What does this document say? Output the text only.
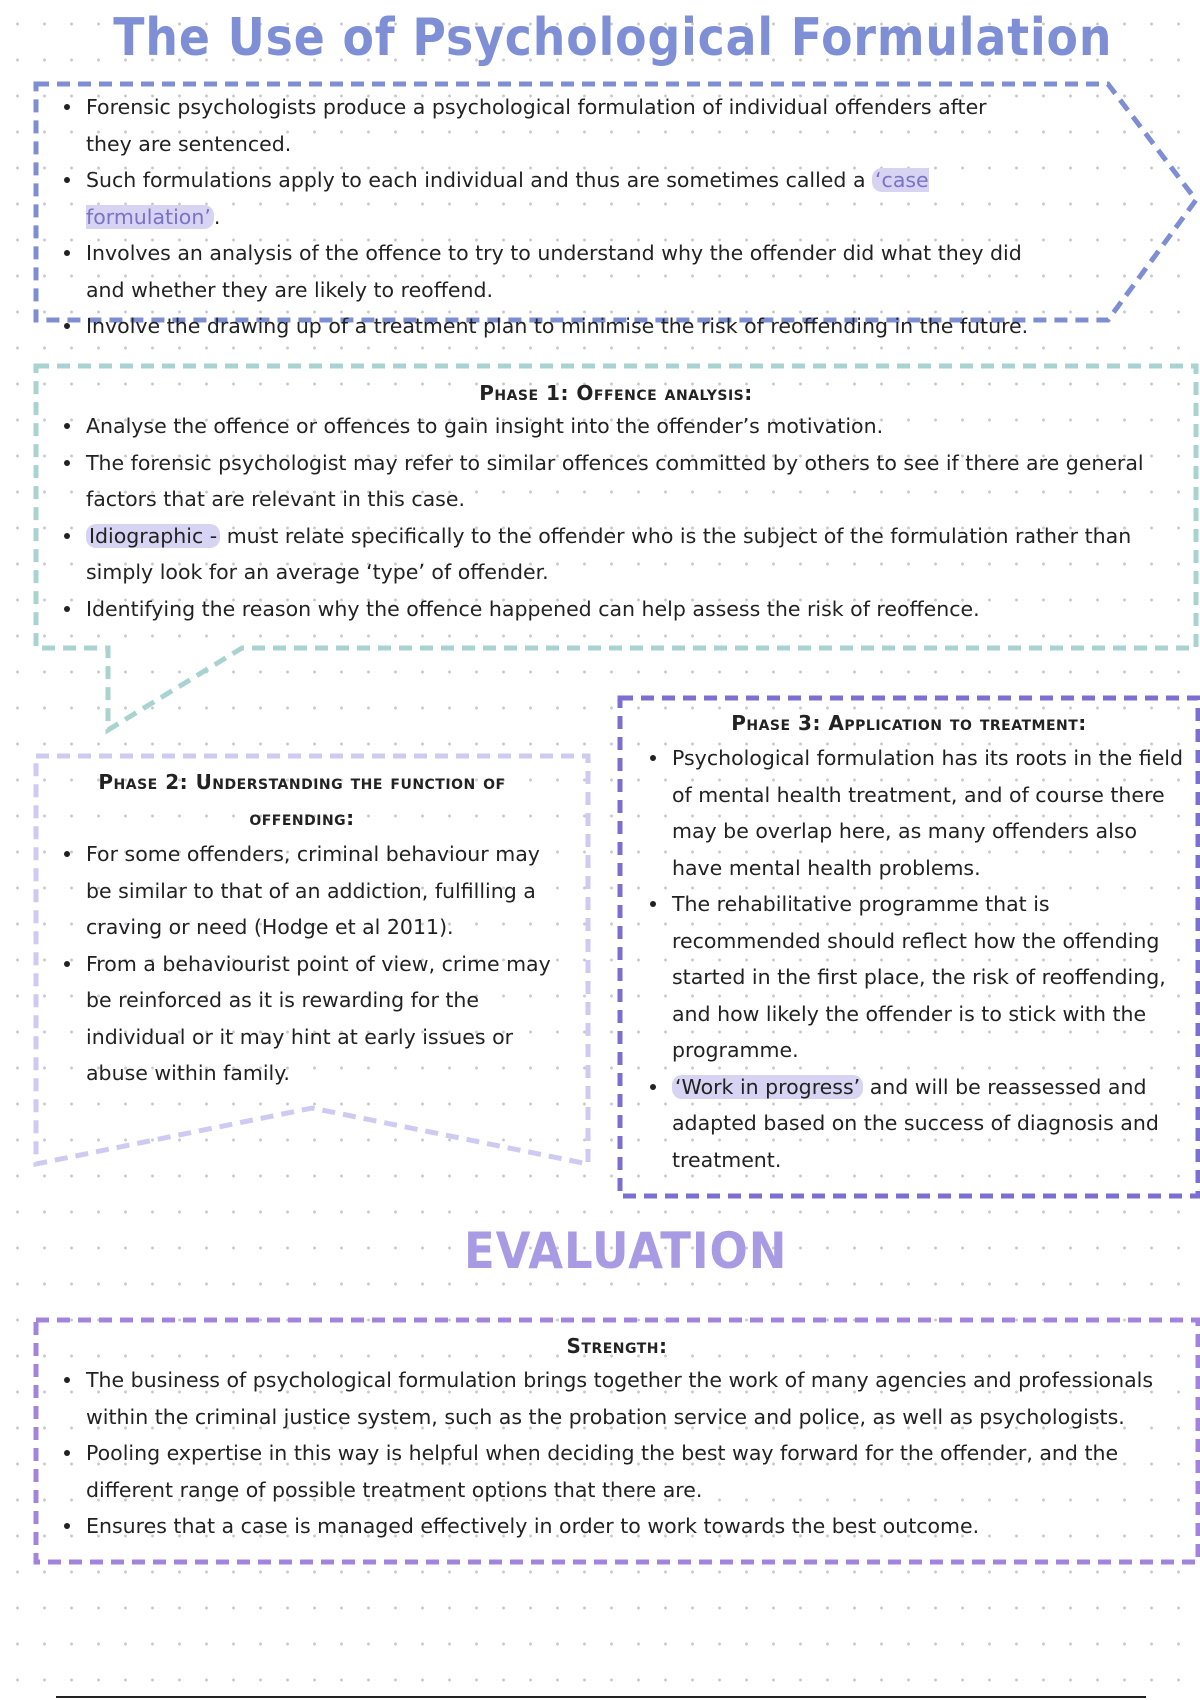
The Use of Psychological Formulation
Forensic psychologists produce a psychological formulation of individual offenders after they are sentenced.
Such formulations apply to each individual and thus are sometimes called a ‘case formulation’ .
Involves an analysis of the offence to try to understand why the offender did what they did and whether they are likely to reoffend.
Involve the drawing up of a treatment plan to minimise the risk of reoffending in the future.
Phase 1: Offence analysis:
Analyse the offence or offences to gain insight into the offender’s motivation.
The forensic psychologist may refer to similar offences committed by others to see if there are general factors that are relevant in this case.
Idiographic - must relate specifically to the offender who is the subject of the formulation rather than simply look for an average ‘type’ of offender.
Identifying the reason why the offence happened can help assess the risk of reoffence.
Phase 2: Understanding the function of offending:
For some offenders, criminal behaviour may be similar to that of an addiction, fulfilling a craving or need (Hodge et al 2011).
From a behaviourist point of view, crime may be reinforced as it is rewarding for the individual or it may hint at early issues or abuse within family.
Phase 3: Application to treatment:
Psychological formulation has its roots in the field of mental health treatment, and of course there may be overlap here, as many offenders also have mental health problems.
The rehabilitative programme that is recommended should reflect how the offending started in the first place, the risk of reoffending, and how likely the offender is to stick with the programme.
‘Work in progress’ and will be reassessed and adapted based on the success of diagnosis and treatment.
EVALUATION
Strength:
The business of psychological formulation brings together the work of many agencies and professionals within the criminal justice system, such as the probation service and police, as well as psychologists.
Pooling expertise in this way is helpful when deciding the best way forward for the offender, and the different range of possible treatment options that there are.
Ensures that a case is managed effectively in order to work towards the best outcome.
